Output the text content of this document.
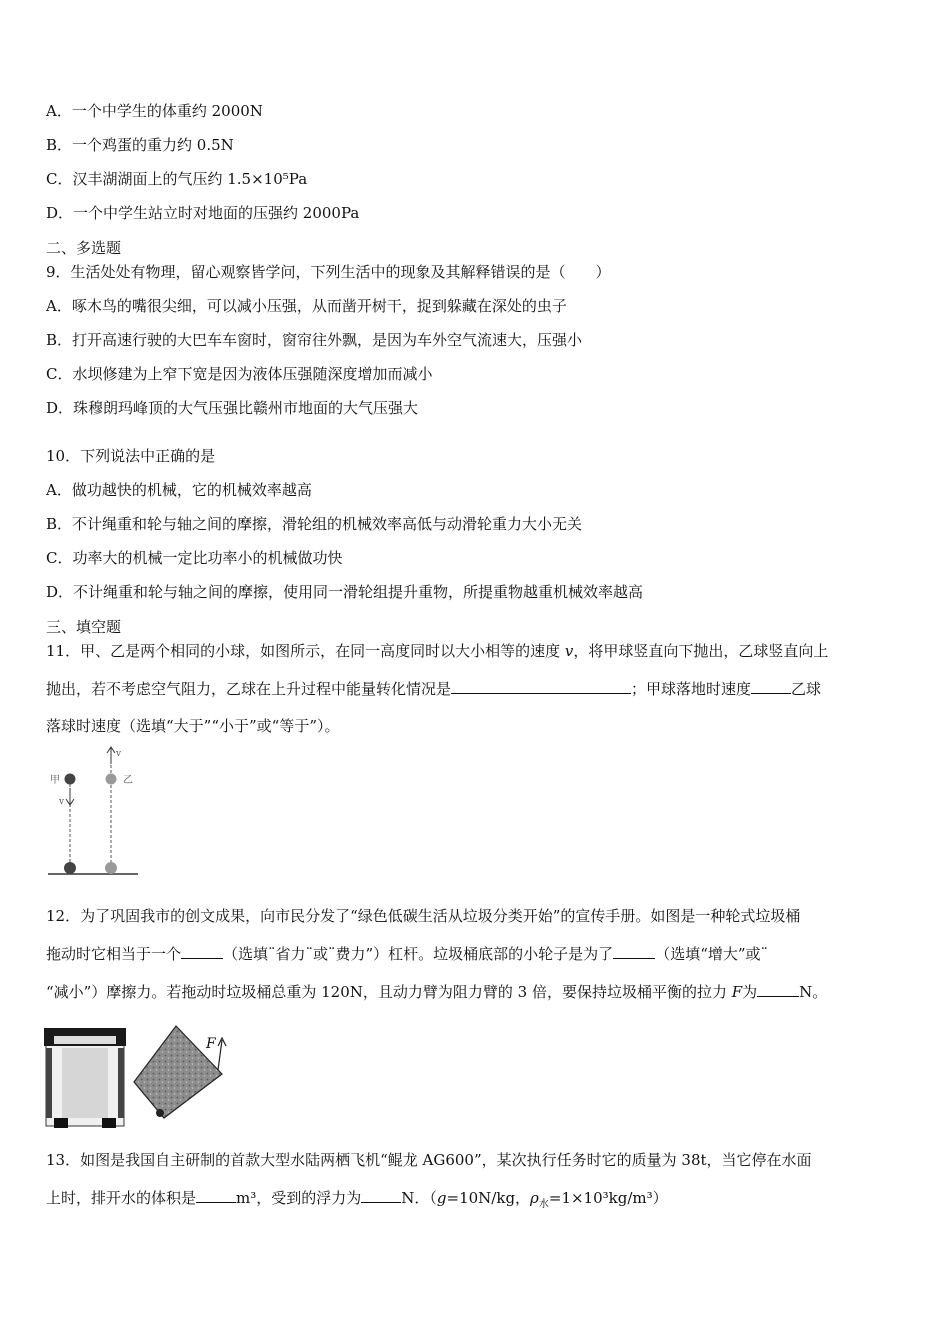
A．一个中学生的体重约 2000N
B．一个鸡蛋的重力约 0.5N
C．汉丰湖湖面上的气压约 1.5×10⁵Pa
D．一个中学生站立时对地面的压强约 2000Pa
二、多选题
9．生活处处有物理，留心观察皆学问，下列生活中的现象及其解释错误的是（　　）
A．啄木鸟的嘴很尖细，可以减小压强，从而凿开树干，捉到躲藏在深处的虫子
B．打开高速行驶的大巴车车窗时，窗帘往外飘，是因为车外空气流速大，压强小
C．水坝修建为上窄下宽是因为液体压强随深度增加而减小
D．珠穆朗玛峰顶的大气压强比赣州市地面的大气压强大
10．下列说法中正确的是
A．做功越快的机械，它的机械效率越高
B．不计绳重和轮与轴之间的摩擦，滑轮组的机械效率高低与动滑轮重力大小无关
C．功率大的机械一定比功率小的机械做功快
D．不计绳重和轮与轴之间的摩擦，使用同一滑轮组提升重物，所提重物越重机械效率越高
三、填空题
11．甲、乙是两个相同的小球，如图所示，在同一高度同时以大小相等的速度 v，将甲球竖直向下抛出，乙球竖直向上
抛出，若不考虑空气阻力，乙球在上升过程中能量转化情况是	；甲球落地时速度	乙球
落球时速度（选填“大于”“小于”或“等于”）。
甲	乙
v
v
12．为了巩固我市的创文成果，向市民分发了“绿色低碳生活从垃圾分类开始”的宣传手册。如图是一种轮式垃圾桶
拖动时它相当于一个	（选填¨省力¨或¨费力”）杠杆。垃圾桶底部的小轮子是为了	（选填“增大”或¨
“减小”）摩擦力。若拖动时垃圾桶总重为 120N，且动力臂为阻力臂的 3 倍，要保持垃圾桶平衡的拉力 F为	N。
F
13．如图是我国自主研制的首款大型水陆两栖飞机“鲲龙 AG600”，某次执行任务时它的质量为 38t，当它停在水面
上时，排开水的体积是	m³，受到的浮力为	N．（g=10N/kg，$\rho_水=1\times 10^3kg/m^3$）
